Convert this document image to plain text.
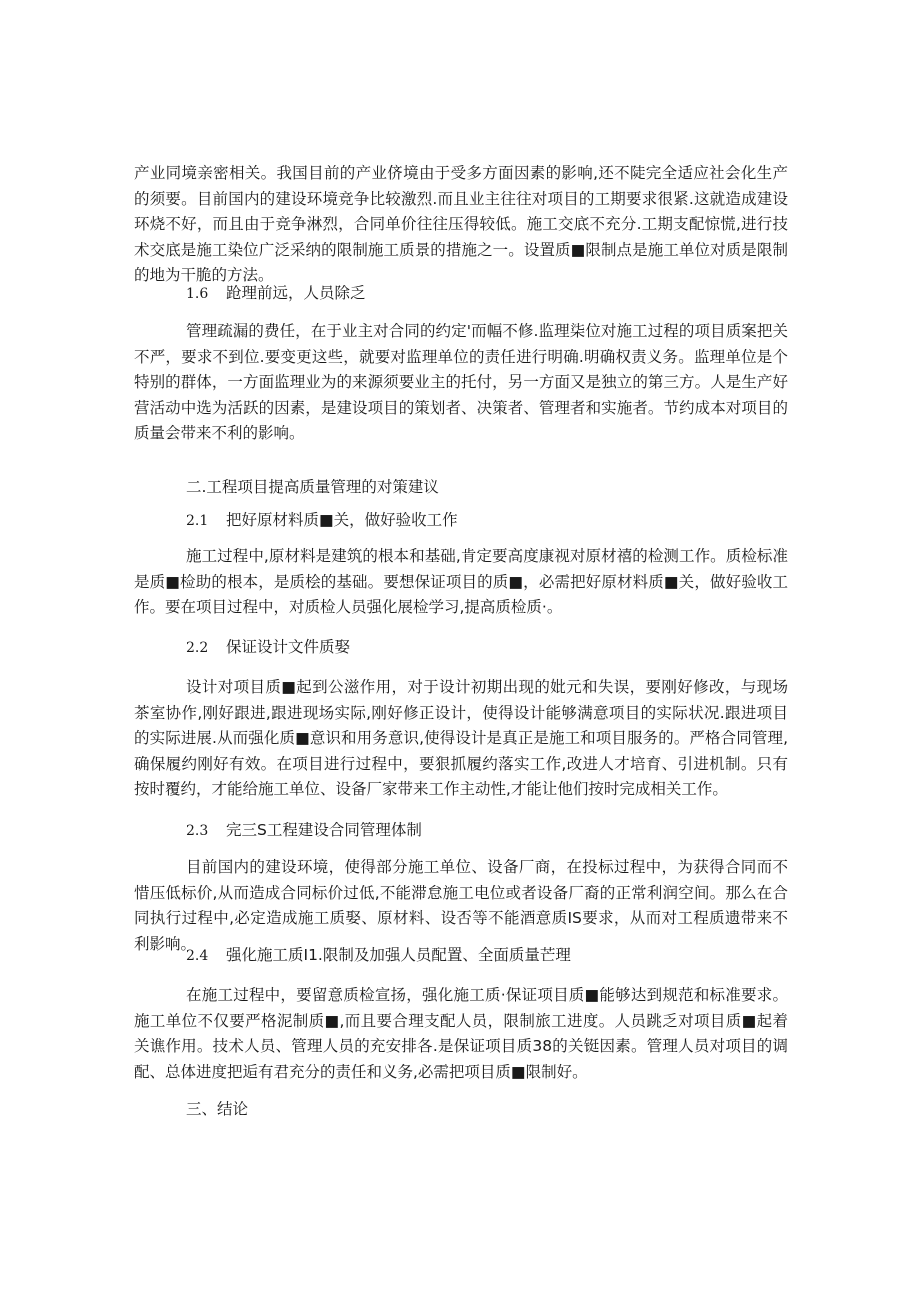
产业同境亲密相关。我国目前的产业侪境由于受多方面因素的影响,还不陡完全适应社会化生产的须要。目前国内的建设环境竞争比较激烈.而且业主往往对项目的工期要求很紧.这就造成建设环烧不好，而且由于竞争淋烈，合同单价往往压得较低。施工交底不充分.工期支配惊慌,进行技术交底是施工染位广泛采纳的限制施工质景的措施之一。设置质■限制点是施工单位对质是限制的地为干脆的方法。

1.6 跄理前远，人员除乏

管理疏漏的费任，在于业主对合同的约定'而幅不修.监理柒位对施工过程的项目质案把关不严，要求不到位.要变更这些，就要对监理单位的责任进行明确.明确权责义务。监理单位是个特别的群体，一方面监理业为的来源须要业主的托付，另一方面又是独立的第三方。人是生产好营活动中选为活跃的因素，是建设项目的策划者、决策者、管理者和实施者。节约成本对项目的质量会带来不利的影响。

二.工程项目提高质量管理的对策建议
2.1 把好原材料质■关，做好验收工作

施工过程中,原材料是建筑的根本和基础,肯定要高度康视对原材禧的检测工作。质检标准是质■检助的根本，是质桧的基础。要想保证项目的质■，必需把好原材料质■关，做好验收工作。要在项目过程中，对质检人员强化展检学习,提高质检质·。

2.2 保证设计文件质娶

设计对项目质■起到公滋作用，对于设计初期出现的妣元和失误，要刚好修改，与现场茶室协作,刚好跟进,跟进现场实际,刚好修正设计，使得设计能够满意项目的实际状况.跟进项目的实际进展.从而强化质■意识和用务意识,使得设计是真正是施工和项目服务的。严格合同管理,确保履约刚好有效。在项目进行过程中，要狠抓履约落实工作,改进人才培育、引进机制。只有按时覆约，才能给施工单位、设备厂家带来工作主动性,才能让他们按时完成相关工作。

2.3 完三S工程建设合同管理体制

目前国内的建设环境，使得部分施工单位、设备厂商，在投标过程中，为获得合同而不惜压低标价,从而造成合同标价过低,不能滞怠施工电位或者设备厂裔的正常利润空间。那么在合同执行过程中,必定造成施工质娶、原材料、设否等不能酒意质IS要求，从而对工程质遗带来不利影响。

2.4 强化施工质I1.限制及加强人员配置、全面质量芒理

在施工过程中，要留意质检宣扬，强化施工质·保证项目质■能够达到规范和标准要求。施工单位不仅要严格泥制质■,而且要合理支配人员，限制旅工进度。人员跳乏对项目质■起着关谯作用。技术人员、管理人员的充安排各.是保证项目质38的关铤因素。管理人员对项目的调配、总体进度把逅有君充分的责任和义务,必需把项目质■限制好。

三、结论
